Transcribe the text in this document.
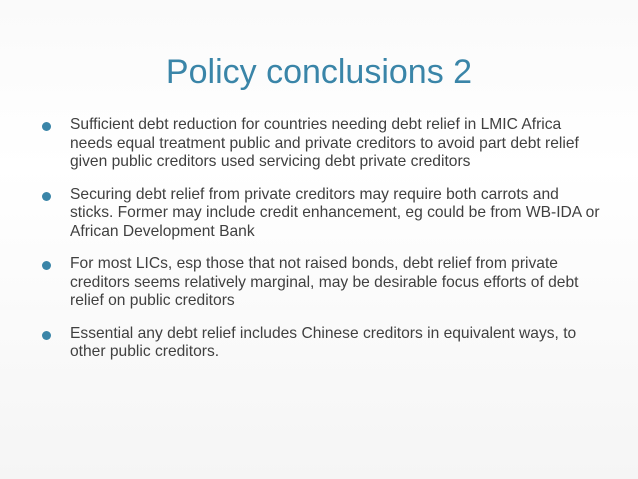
Policy conclusions 2
Sufficient debt reduction for countries needing debt relief in LMIC Africa needs equal treatment public and private creditors to avoid part debt relief given public creditors used servicing debt private creditors
Securing debt relief from private creditors may require both carrots and sticks. Former may include credit enhancement, eg could be from WB-IDA or African Development Bank
For most LICs, esp those that not raised bonds, debt relief from private creditors seems relatively marginal, may be desirable focus efforts of debt relief on public creditors
Essential any debt relief includes Chinese creditors in equivalent ways, to other public creditors.
